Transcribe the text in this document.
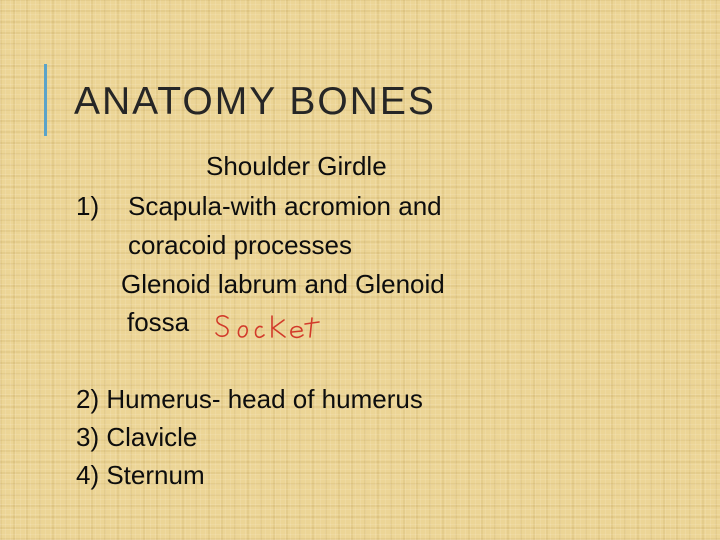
ANATOMY BONES
Shoulder Girdle
1) Scapula-with acromion and
coracoid processes
Glenoid labrum and Glenoid
fossa
2) Humerus- head of humerus
3) Clavicle
4) Sternum
